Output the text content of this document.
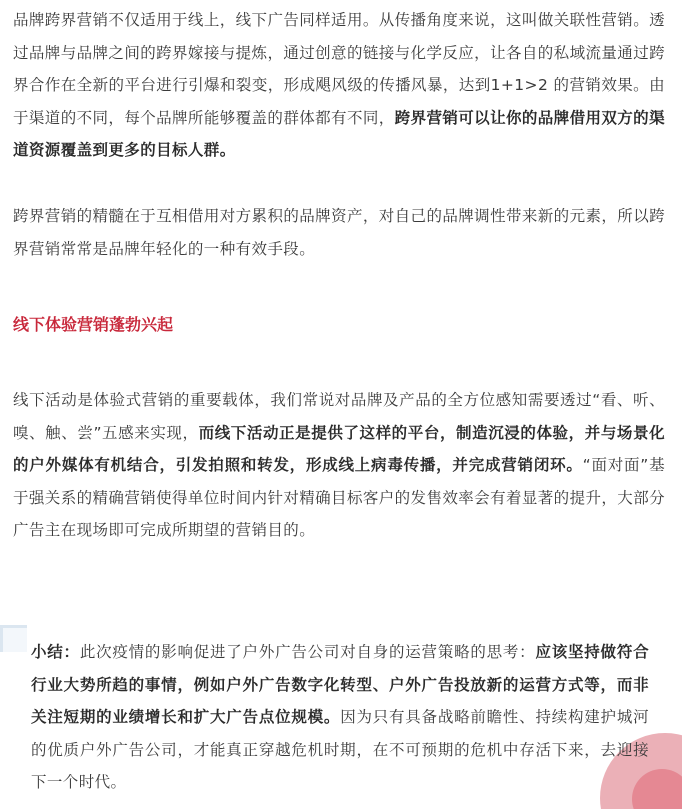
品牌跨界营销不仅适用于线上，线下广告同样适用。从传播角度来说，这叫做关联性营销。透过品牌与品牌之间的跨界嫁接与提炼，通过创意的链接与化学反应，让各自的私域流量通过跨界合作在全新的平台进行引爆和裂变，形成飓风级的传播风暴，达到1+1>2 的营销效果。由于渠道的不同，每个品牌所能够覆盖的群体都有不同，跨界营销可以让你的品牌借用双方的渠道资源覆盖到更多的目标人群。

跨界营销的精髓在于互相借用对方累积的品牌资产，对自己的品牌调性带来新的元素，所以跨界营销常常是品牌年轻化的一种有效手段。

线下体验营销蓬勃兴起

线下活动是体验式营销的重要载体，我们常说对品牌及产品的全方位感知需要透过“看、听、嗅、触、尝”五感来实现，而线下活动正是提供了这样的平台，制造沉浸的体验，并与场景化的户外媒体有机结合，引发拍照和转发，形成线上病毒传播，并完成营销闭环。“面对面”基于强关系的精确营销使得单位时间内针对精确目标客户的发售效率会有着显著的提升，大部分广告主在现场即可完成所期望的营销目的。

小结：此次疫情的影响促进了户外广告公司对自身的运营策略的思考：应该坚持做符合行业大势所趋的事情，例如户外广告数字化转型、户外广告投放新的运营方式等，而非关注短期的业绩增长和扩大广告点位规模。因为只有具备战略前瞻性、持续构建护城河的优质户外广告公司，才能真正穿越危机时期，在不可预期的危机中存活下来，去迎接下一个时代。
